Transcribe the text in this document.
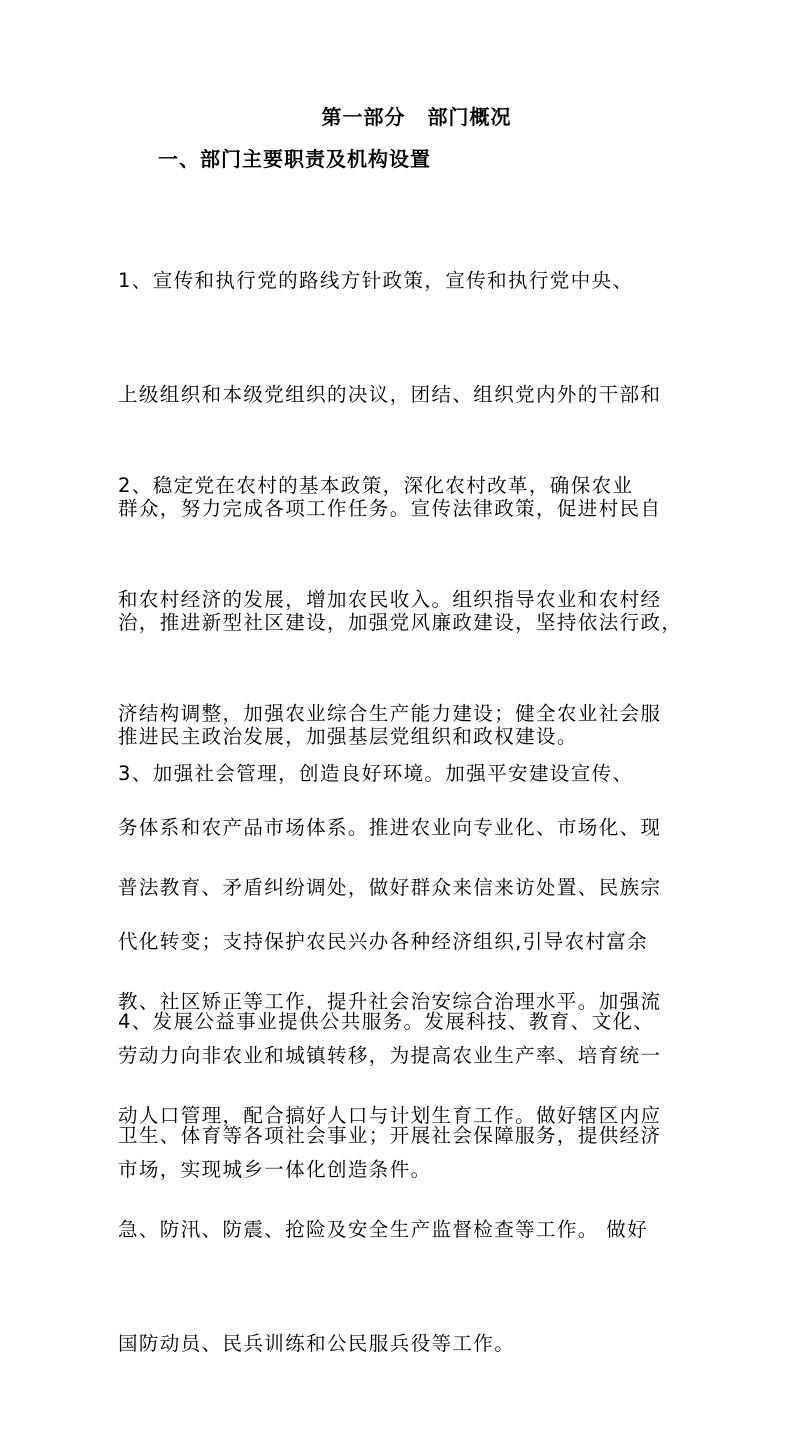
第一部分 部门概况
一、部门主要职责及机构设置

1、宣传和执行党的路线方针政策，宣传和执行党中央、

上级组织和本级党组织的决议，团结、组织党内外的干部和

群众，努力完成各项工作任务。宣传法律政策，促进村民自

治，推进新型社区建设，加强党风廉政建设，坚持依法行政，

推进民主政治发展，加强基层党组织和政权建设。

2、稳定党在农村的基本政策，深化农村改革，确保农业

和农村经济的发展，增加农民收入。组织指导农业和农村经

济结构调整，加强农业综合生产能力建设；健全农业社会服

务体系和农产品市场体系。推进农业向专业化、市场化、现

代化转变；支持保护农民兴办各种经济组织,引导农村富余

劳动力向非农业和城镇转移，为提高农业生产率、培育统一

市场，实现城乡一体化创造条件。

3、加强社会管理，创造良好环境。加强平安建设宣传、

普法教育、矛盾纠纷调处，做好群众来信来访处置、民族宗

教、社区矫正等工作，提升社会治安综合治理水平。加强流

动人口管理，配合搞好人口与计划生育工作。做好辖区内应

急、防汛、防震、抢险及安全生产监督检查等工作。 做好

国防动员、民兵训练和公民服兵役等工作。

4、发展公益事业提供公共服务。发展科技、教育、文化、

卫生、体育等各项社会事业；开展社会保障服务，提供经济
